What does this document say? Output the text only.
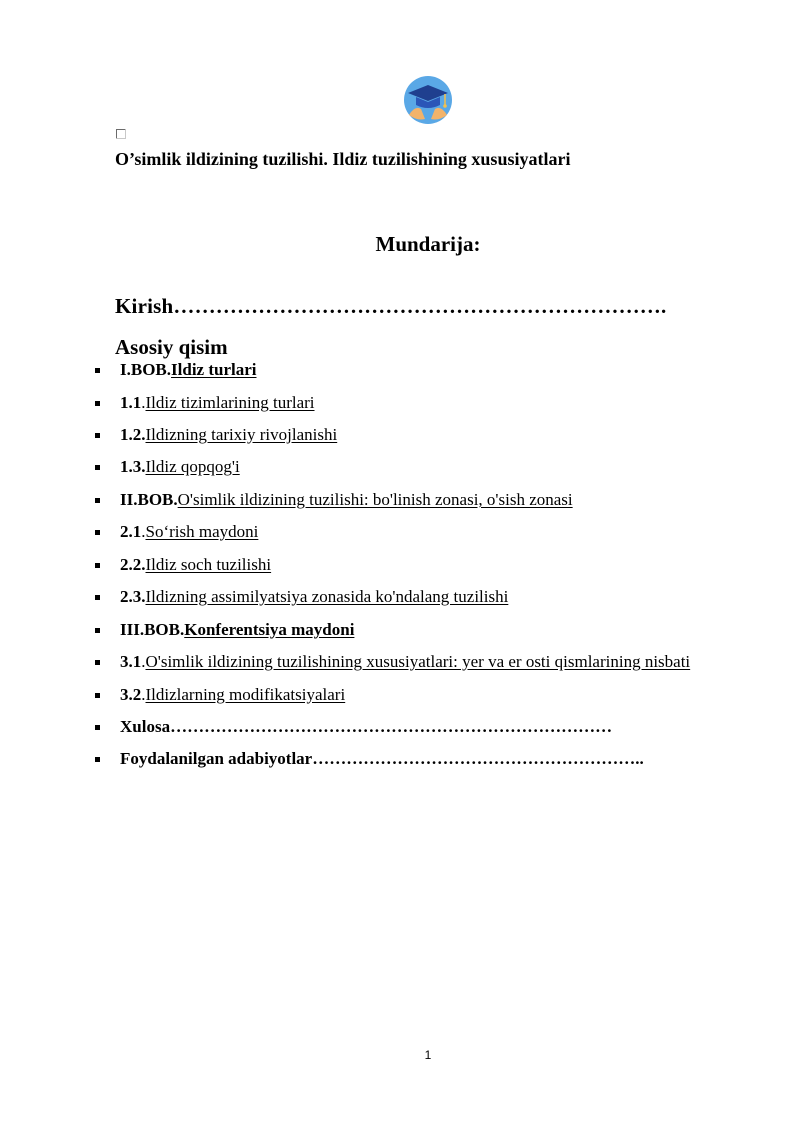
O’simlik ildizining tuzilishi. Ildiz tuzilishining xususiyatlari
Mundarija:
Kirish…………………………………………………………….
Asosiy qisim
I.BOB.Ildiz turlari
1.1.Ildiz tizimlarining turlari
1.2.Ildizning tarixiy rivojlanishi
1.3.Ildiz qopqog'i
II.BOB.O'simlik ildizining tuzilishi: bo'linish zonasi, o'sish zonasi
2.1.So‘rish maydoni
2.2.Ildiz soch tuzilishi
2.3.Ildizning assimilyatsiya zonasida ko'ndalang tuzilishi
III.BOB.Konferentsiya maydoni
3.1.O'simlik ildizining tuzilishining xususiyatlari: yer va er osti qismlarining nisbati
3.2.Ildizlarning modifikatsiyalari
Xulosa……………………………………………………………………
Foydalanilgan adabiyotlar…………………………………………………..
1
